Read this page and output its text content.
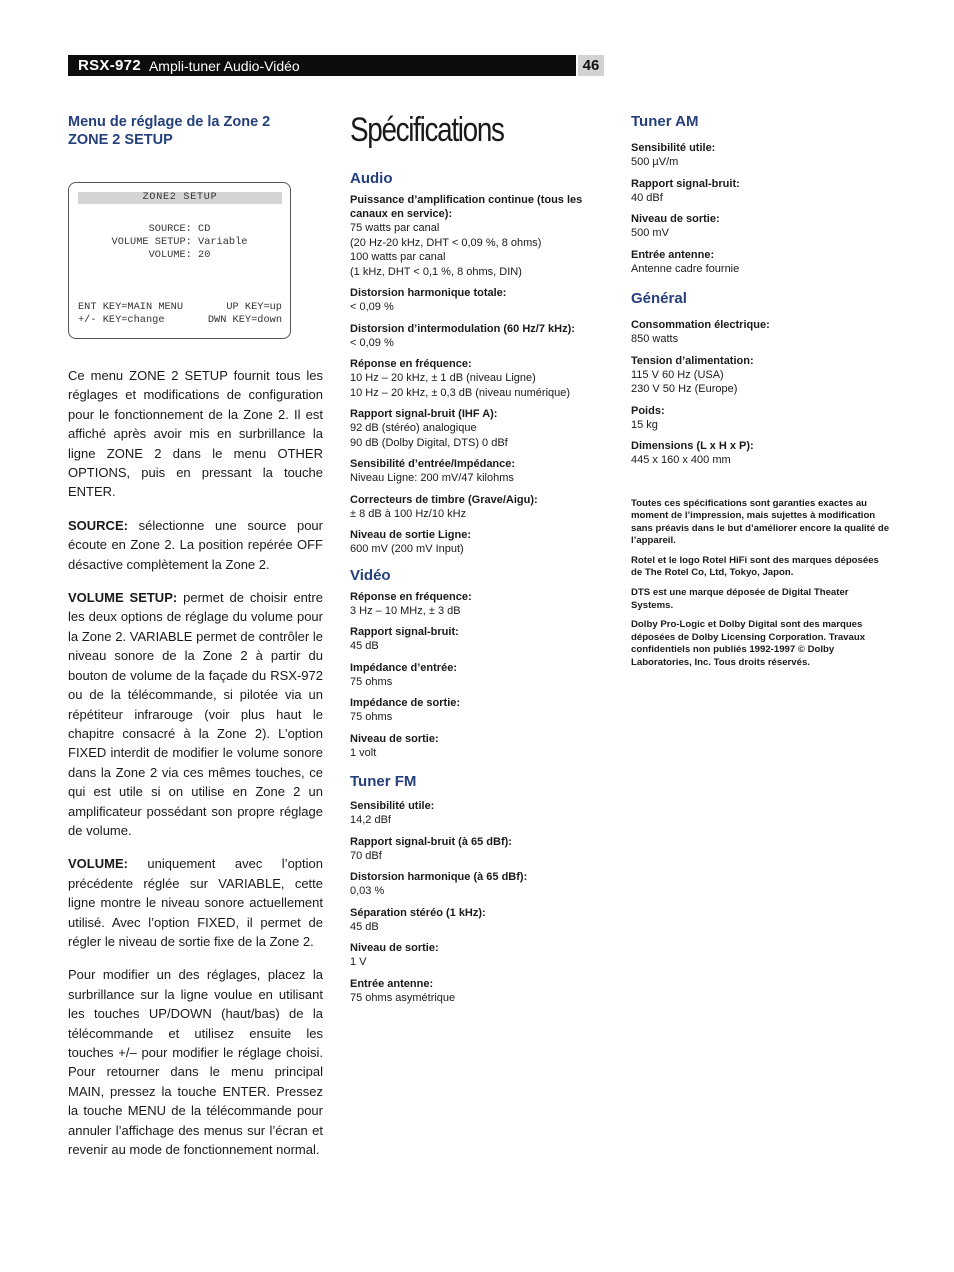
RSX-972 Ampli-tuner Audio-Vidéo	46

Menu de réglage de la Zone 2
ZONE 2 SETUP

ZONE2 SETUP
SOURCE: CD
VOLUME SETUP: Variable
VOLUME: 20
ENT KEY=MAIN MENU	UP KEY=up
+/- KEY=change	DWN KEY=down

Ce menu ZONE 2 SETUP fournit tous les réglages et modifications de configuration pour le fonctionnement de la Zone 2. Il est affiché après avoir mis en surbrillance la ligne ZONE 2 dans le menu OTHER OPTIONS, puis en pressant la touche ENTER.

SOURCE: sélectionne une source pour écoute en Zone 2. La position repérée OFF désactive complètement la Zone 2.

VOLUME SETUP: permet de choisir entre les deux options de réglage du volume pour la Zone 2. VARIABLE permet de contrôler le niveau sonore de la Zone 2 à partir du bouton de volume de la façade du RSX-972 ou de la télécommande, si pilotée via un répétiteur infrarouge (voir plus haut le chapitre consacré à la Zone 2). L’option FIXED interdit de modifier le volume sonore dans la Zone 2 via ces mêmes touches, ce qui est utile si on utilise en Zone 2 un amplificateur possédant son propre réglage de volume.

VOLUME: uniquement avec l’option précédente réglée sur VARIABLE, cette ligne montre le niveau sonore actuellement utilisé. Avec l’option FIXED, il permet de régler le niveau de sortie fixe de la Zone 2.

Pour modifier un des réglages, placez la surbrillance sur la ligne voulue en utilisant les touches UP/DOWN (haut/bas) de la télécommande et utilisez ensuite les touches +/– pour modifier le réglage choisi. Pour retourner dans le menu principal MAIN, pressez la touche ENTER. Pressez la touche MENU de la télécommande pour annuler l’affichage des menus sur l’écran et revenir au mode de fonctionnement normal.

Spécifications

Audio

Puissance d’amplification continue (tous les canaux en service):

75 watts par canal

(20 Hz-20 kHz, DHT < 0,09 %, 8 ohms)

100 watts par canal

(1 kHz, DHT < 0,1 %, 8 ohms, DIN)

Distorsion harmonique totale:

< 0,09 %

Distorsion d’intermodulation (60 Hz/7 kHz):

< 0,09 %

Réponse en fréquence:

10 Hz – 20 kHz, ± 1 dB (niveau Ligne)

10 Hz – 20 kHz, ± 0,3 dB (niveau numérique)

Rapport signal-bruit (IHF A):

92 dB (stéréo) analogique

90 dB (Dolby Digital, DTS) 0 dBf

Sensibilité d’entrée/Impédance:

Niveau Ligne: 200 mV/47 kilohms

Correcteurs de timbre (Grave/Aigu):

± 8 dB à 100 Hz/10 kHz

Niveau de sortie Ligne:

600 mV (200 mV Input)

Vidéo

Réponse en fréquence:

3 Hz – 10 MHz, ± 3 dB

Rapport signal-bruit:

45 dB

Impédance d’entrée:

75 ohms

Impédance de sortie:

75 ohms

Niveau de sortie:

1 volt

Tuner FM

Sensibilité utile:

14,2 dBf

Rapport signal-bruit (à 65 dBf):

70 dBf

Distorsion harmonique (à 65 dBf):

0,03 %

Séparation stéréo (1 kHz):

45 dB

Niveau de sortie:

1 V

Entrée antenne:

75 ohms asymétrique

Tuner AM

Sensibilité utile:

500 µV/m

Rapport signal-bruit:

40 dBf

Niveau de sortie:

500 mV

Entrée antenne:

Antenne cadre fournie

Général

Consommation électrique:

850 watts

Tension d’alimentation:

115 V 60 Hz (USA)

230 V 50 Hz (Europe)

Poids:

15 kg

Dimensions (L x H x P):

445 x 160 x 400 mm

Toutes ces spécifications sont garanties exactes au moment de l’impression, mais sujettes à modification sans préavis dans le but d’améliorer encore la qualité de l’appareil.

Rotel et le logo Rotel HiFi sont des marques déposées de The Rotel Co, Ltd, Tokyo, Japon.

DTS est une marque déposée de Digital Theater Systems.

Dolby Pro-Logic et Dolby Digital sont des marques déposées de Dolby Licensing Corporation. Travaux confidentiels non publiés 1992-1997 © Dolby Laboratories, Inc. Tous droits réservés.
